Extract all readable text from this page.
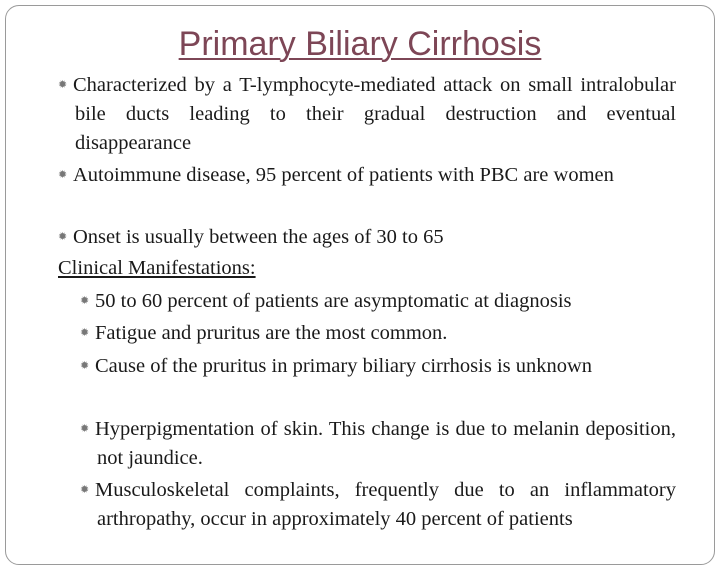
Primary Biliary Cirrhosis
✹ Characterized by a T-lymphocyte-mediated attack on small intralobular bile ducts leading to their gradual destruction and eventual disappearance
✹ Autoimmune disease, 95 percent of patients with PBC are women
✹ Onset is usually between the ages of 30 to 65
Clinical Manifestations:
✹ 50 to 60 percent of patients are asymptomatic at diagnosis
✹ Fatigue and pruritus are the most common.
✹ Cause of the pruritus in primary biliary cirrhosis is unknown
✹ Hyperpigmentation of skin. This change is due to melanin deposition, not jaundice.
✹ Musculoskeletal complaints, frequently due to an inflammatory arthropathy, occur in approximately 40 percent of patients
